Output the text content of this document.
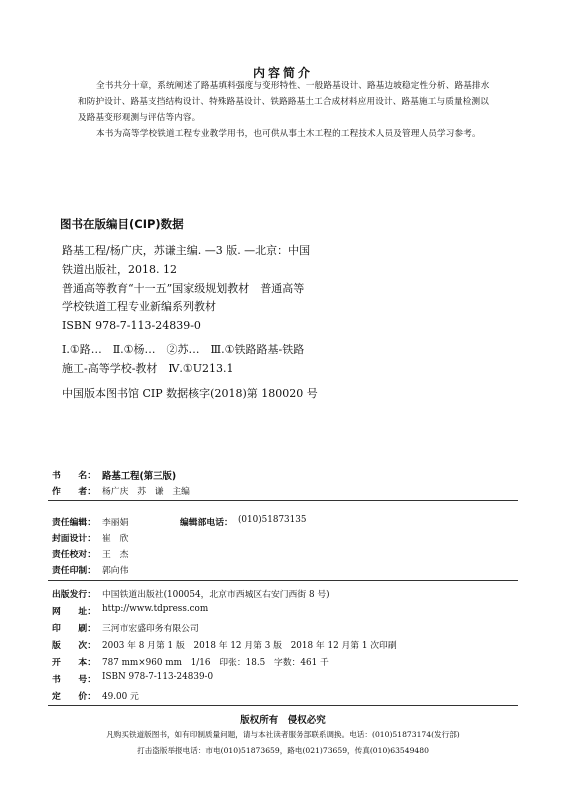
内容简介

全书共分十章，系统阐述了路基填料强度与变形特性、一般路基设计、路基边坡稳定性分析、路基排水和防护设计、路基支挡结构设计、特殊路基设计、铁路路基土工合成材料应用设计、路基施工与质量检测以及路基变形观测与评估等内容。

本书为高等学校铁道工程专业教学用书，也可供从事土木工程的工程技术人员及管理人员学习参考。

图书在版编目(CIP)数据
路基工程/杨广庆，苏谦主编. —3 版. —北京：中国
铁道出版社，2018. 12
普通高等教育“十一五”国家级规划教材　普通高等
学校铁道工程专业新编系列教材
ISBN 978-7-113-24839-0
Ⅰ.①路…　Ⅱ.①杨…　②苏…　Ⅲ.①铁路路基-铁路
施工-高等学校-教材　Ⅳ.①U213.1
中国版本图书馆 CIP 数据核字(2018)第 180020 号
书　　名： 路基工程(第三版)
作　　者： 杨广庆　苏　谦　主编
责任编辑： 李丽娟	编辑部电话： (010)51873135
封面设计： 崔　欣
责任校对： 王　杰
责任印制： 郭向伟
出版发行： 中国铁道出版社(100054，北京市西城区右安门西街 8 号)
网　　址： http://www.tdpress.com
印　　刷： 三河市宏盛印务有限公司
版　　次： 2003 年 8 月第 1 版　2018 年 12 月第 3 版　2018 年 12 月第 1 次印刷
开　　本： 787 mm×960 mm　1/16　印张：18.5　字数：461 千
书　　号： ISBN 978-7-113-24839-0
定　　价： 49.00 元
版权所有　侵权必究
凡购买铁道版图书，如有印制质量问题，请与本社读者服务部联系调换。电话：(010)51873174(发行部)
打击盗版举报电话：市电(010)51873659，路电(021)73659，传真(010)63549480
